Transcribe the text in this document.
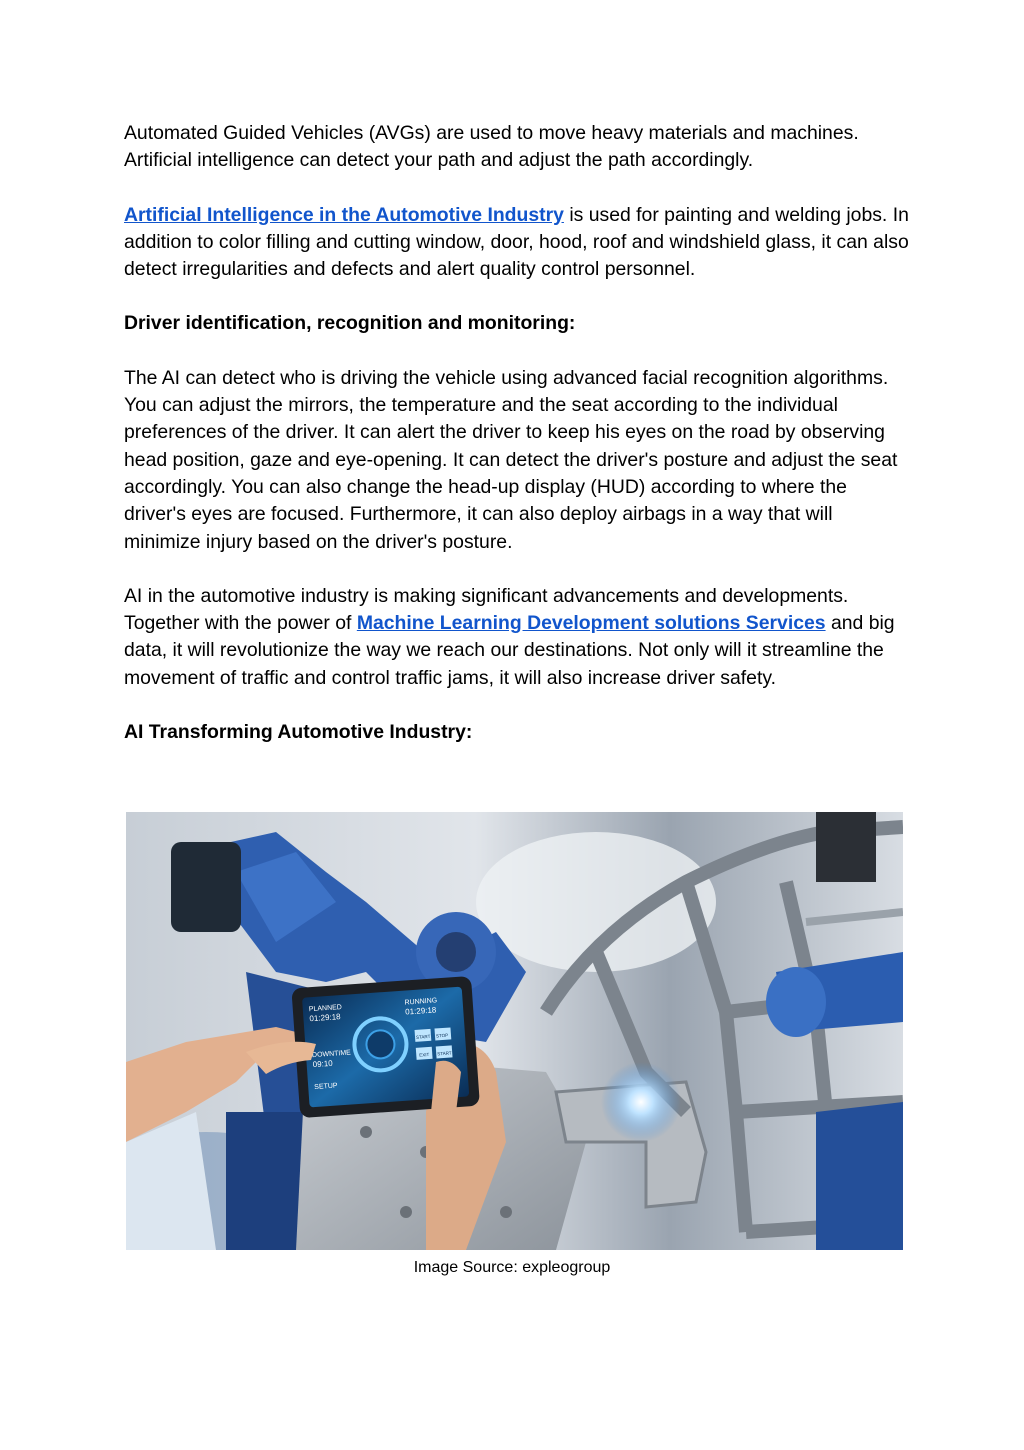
Automated Guided Vehicles (AVGs) are used to move heavy materials and machines. Artificial intelligence can detect your path and adjust the path accordingly.

Artificial Intelligence in the Automotive Industry is used for painting and welding jobs. In addition to color filling and cutting window, door, hood, roof and windshield glass, it can also detect irregularities and defects and alert quality control personnel.

Driver identification, recognition and monitoring:

The AI can detect who is driving the vehicle using advanced facial recognition algorithms. You can adjust the mirrors, the temperature and the seat according to the individual preferences of the driver. It can alert the driver to keep his eyes on the road by observing head position, gaze and eye-opening. It can detect the driver's posture and adjust the seat accordingly. You can also change the head-up display (HUD) according to where the driver's eyes are focused. Furthermore, it can also deploy airbags in a way that will minimize injury based on the driver's posture.

AI in the automotive industry is making significant advancements and developments. Together with the power of Machine Learning Development solutions Services and big data, it will revolutionize the way we reach our destinations. Not only will it streamline the movement of traffic and control traffic jams, it will also increase driver safety.

AI Transforming Automotive Industry:

PLANNED
01:29:18
RUNNING
01:29:18
DOWNTIME
09:10
SETUP
START STOP
EXIT START
Image Source: expleogroup
